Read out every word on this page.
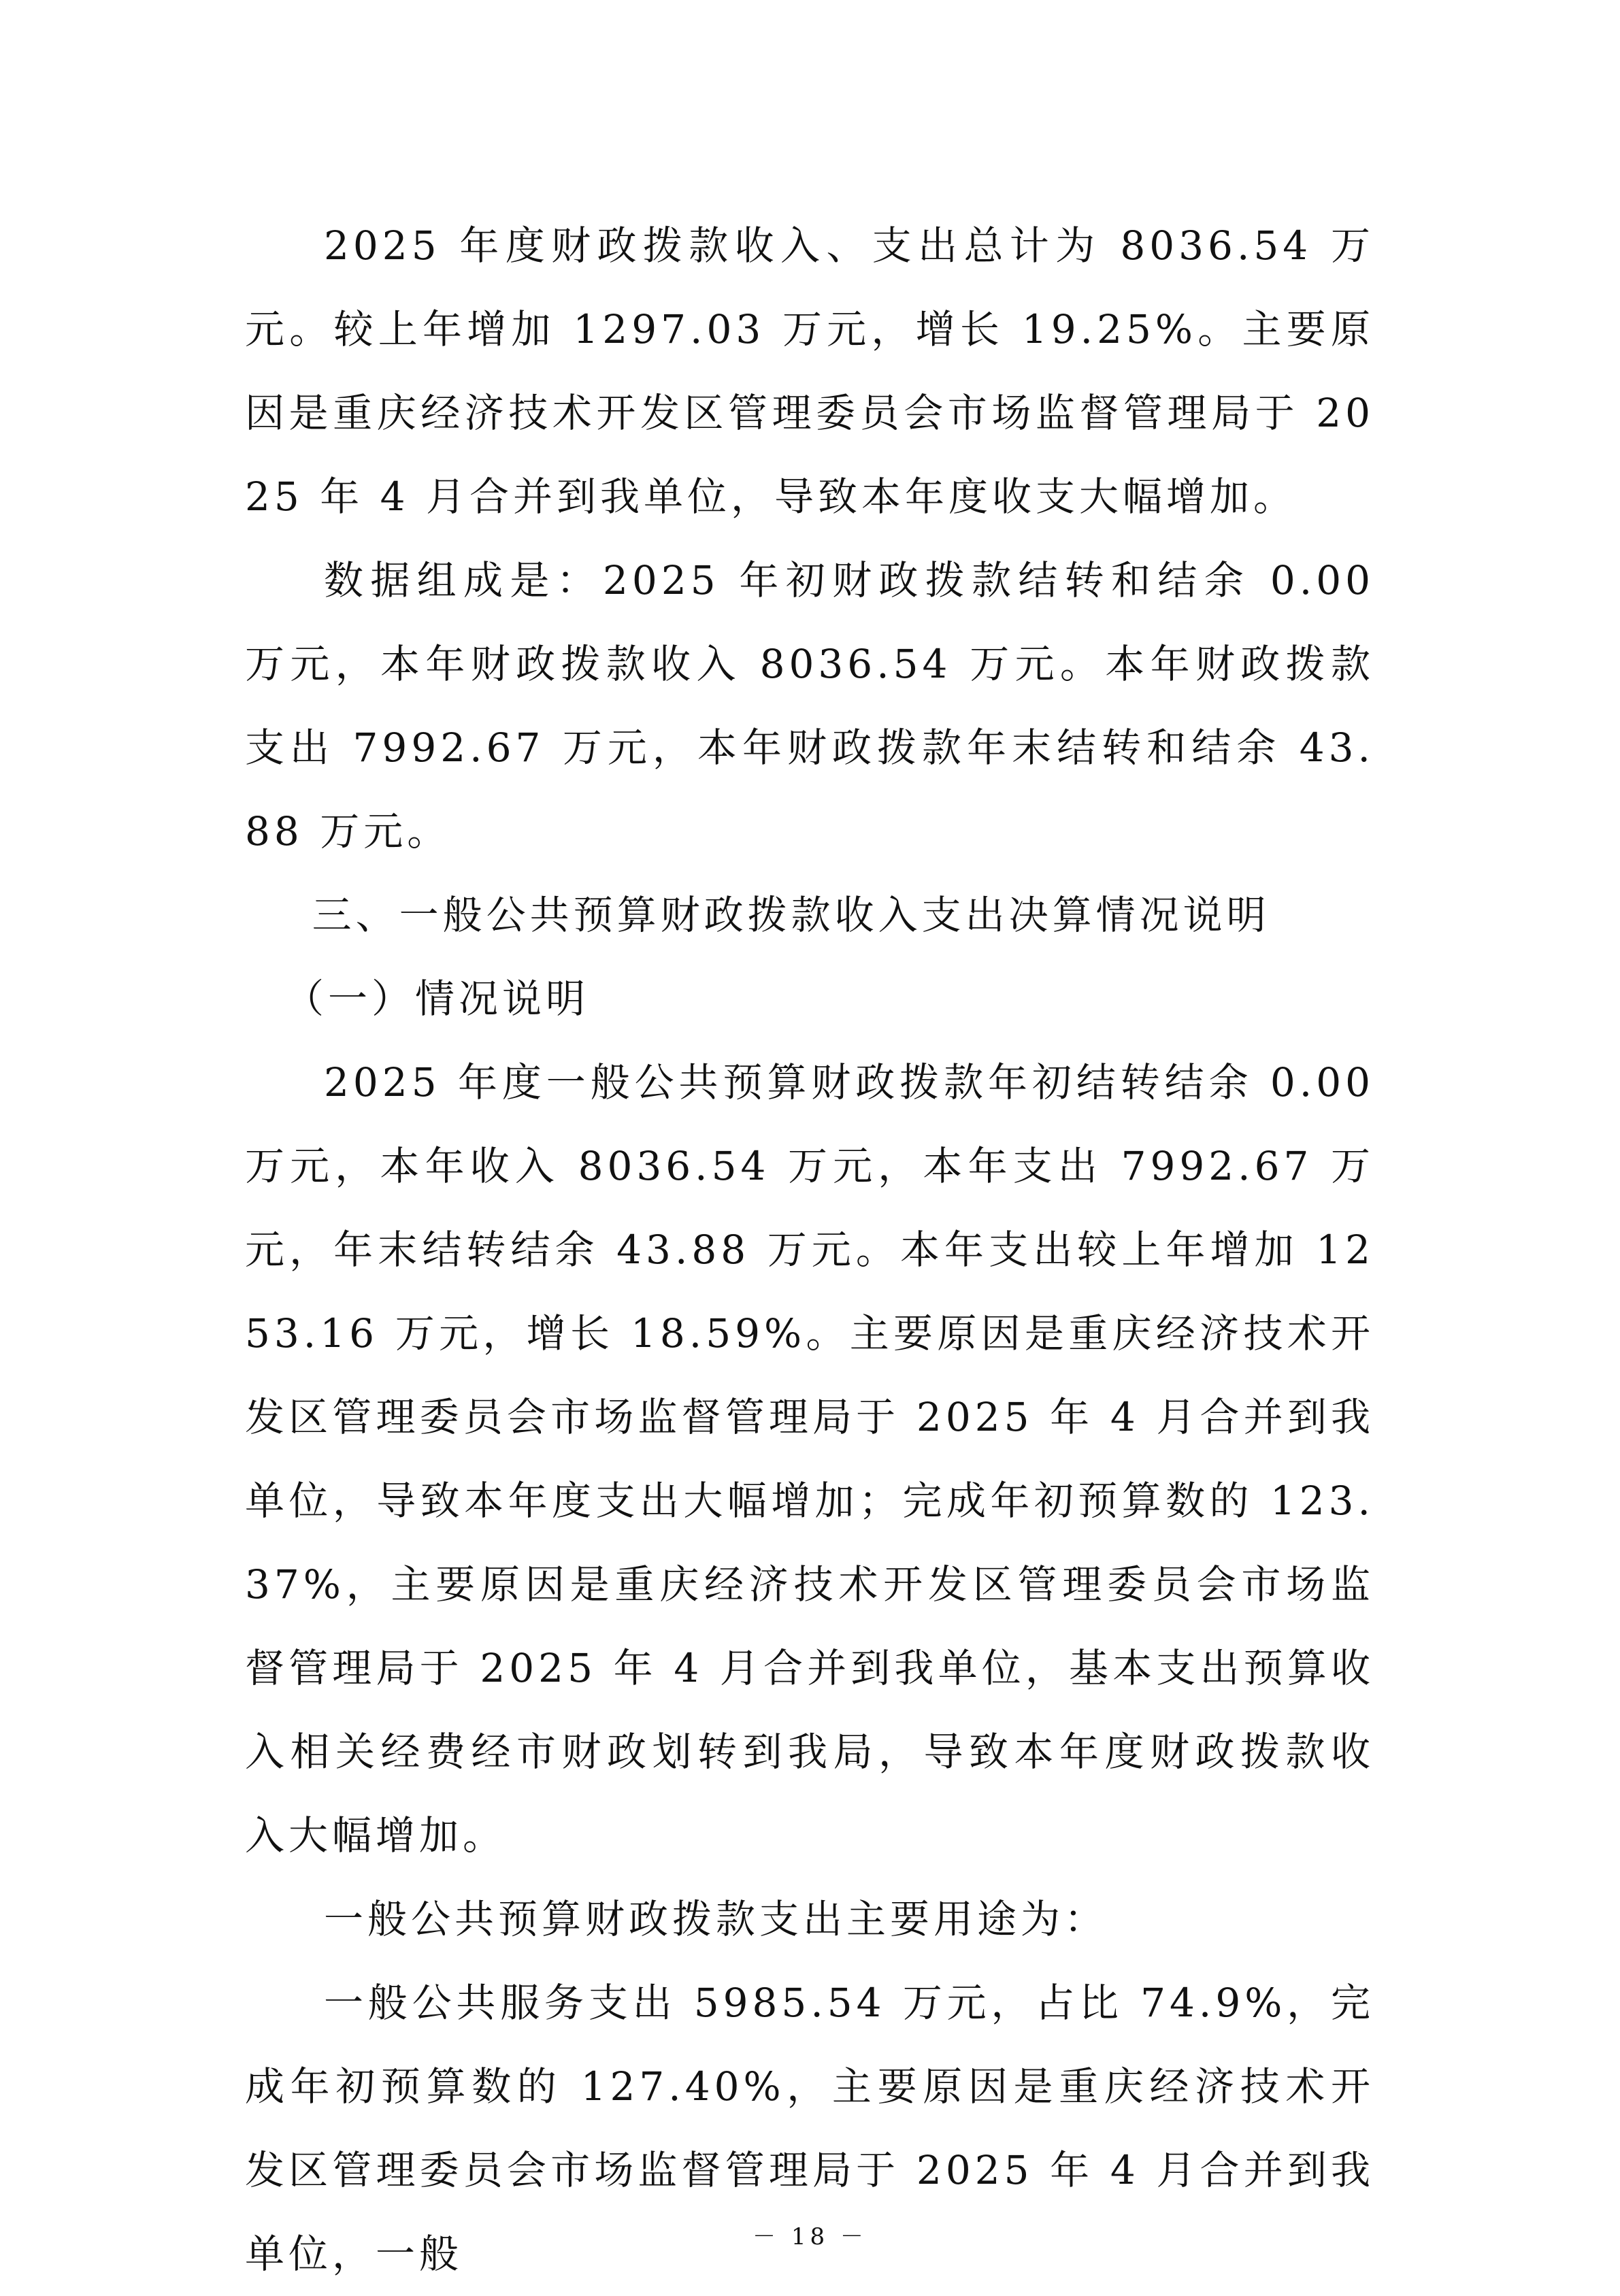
2025 年度财政拨款收入、支出总计为 8036.54 万元。较上年增加 1297.03 万元，增长 19.25%。主要原因是重庆经济技术开发区管理委员会市场监督管理局于 2025 年 4 月合并到我单位，导致本年度收支大幅增加。

数据组成是：2025 年初财政拨款结转和结余 0.00 万元，本年财政拨款收入 8036.54 万元。本年财政拨款支出 7992.67 万元，本年财政拨款年末结转和结余 43.88 万元。

三、一般公共预算财政拨款收入支出决算情况说明

（一）情况说明

2025 年度一般公共预算财政拨款年初结转结余 0.00 万元，本年收入 8036.54 万元，本年支出 7992.67 万元，年末结转结余 43.88 万元。本年支出较上年增加 1253.16 万元，增长 18.59%。主要原因是重庆经济技术开发区管理委员会市场监督管理局于 2025 年 4 月合并到我单位，导致本年度支出大幅增加；完成年初预算数的 123.37%，主要原因是重庆经济技术开发区管理委员会市场监督管理局于 2025 年 4 月合并到我单位，基本支出预算收入相关经费经市财政划转到我局，导致本年度财政拨款收入大幅增加。

一般公共预算财政拨款支出主要用途为：

一般公共服务支出 5985.54 万元，占比 74.9%，完成年初预算数的 127.40%，主要原因是重庆经济技术开发区管理委员会市场监督管理局于 2025 年 4 月合并到我单位，一般	－ 18 －
